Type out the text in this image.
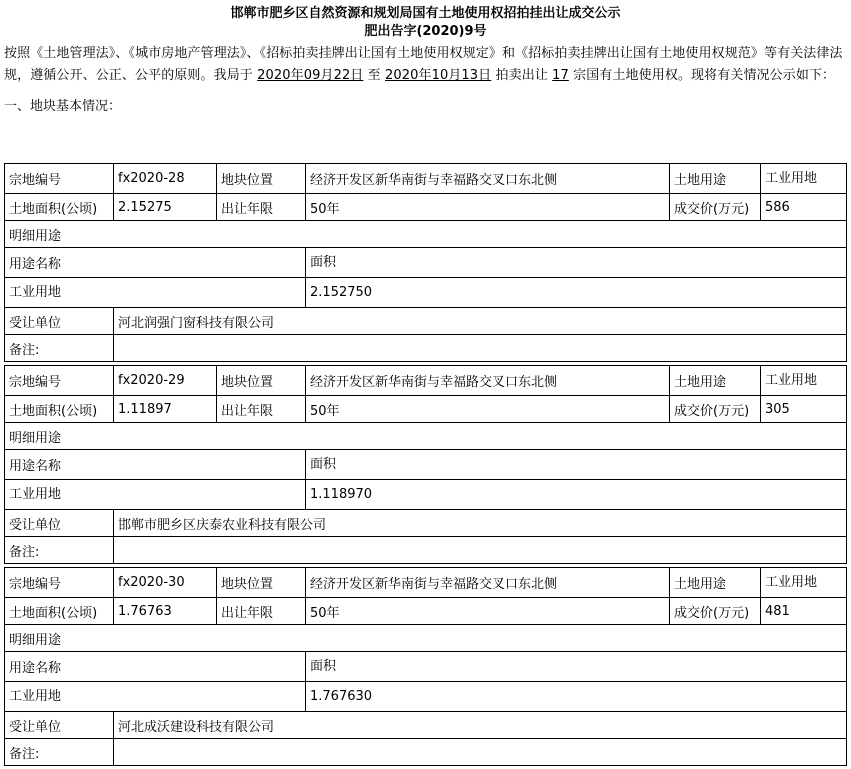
邯郸市肥乡区自然资源和规划局国有土地使用权招拍挂出让成交公示
肥出告字(2020)9号
按照《土地管理法》、《城市房地产管理法》、《招标拍卖挂牌出让国有土地使用权规定》和《招标拍卖挂牌出让国有土地使用权规范》等有关法律法规，遵循公开、公正、公平的原则。我局于 2020年09月22日 至 2020年10月13日 拍卖出让 17 宗国有土地使用权。现将有关情况公示如下：
一、地块基本情况：
宗地编号	fx2020-28	地块位置	经济开发区新华南街与幸福路交叉口东北侧	土地用途	工业用地
土地面积(公顷)	2.15275	出让年限	50年	成交价(万元)	586
明细用途					
用途名称			面积		
工业用地			2.152750		
受让单位	河北润强门窗科技有限公司				
备注:					
宗地编号	fx2020-29	地块位置	经济开发区新华南街与幸福路交叉口东北侧	土地用途	工业用地
土地面积(公顷)	1.11897	出让年限	50年	成交价(万元)	305
明细用途					
用途名称			面积		
工业用地			1.118970		
受让单位	邯郸市肥乡区庆泰农业科技有限公司				
备注:					
宗地编号	fx2020-30	地块位置	经济开发区新华南街与幸福路交叉口东北侧	土地用途	工业用地
土地面积(公顷)	1.76763	出让年限	50年	成交价(万元)	481
明细用途					
用途名称			面积		
工业用地			1.767630		
受让单位	河北成沃建设科技有限公司				
备注:					
